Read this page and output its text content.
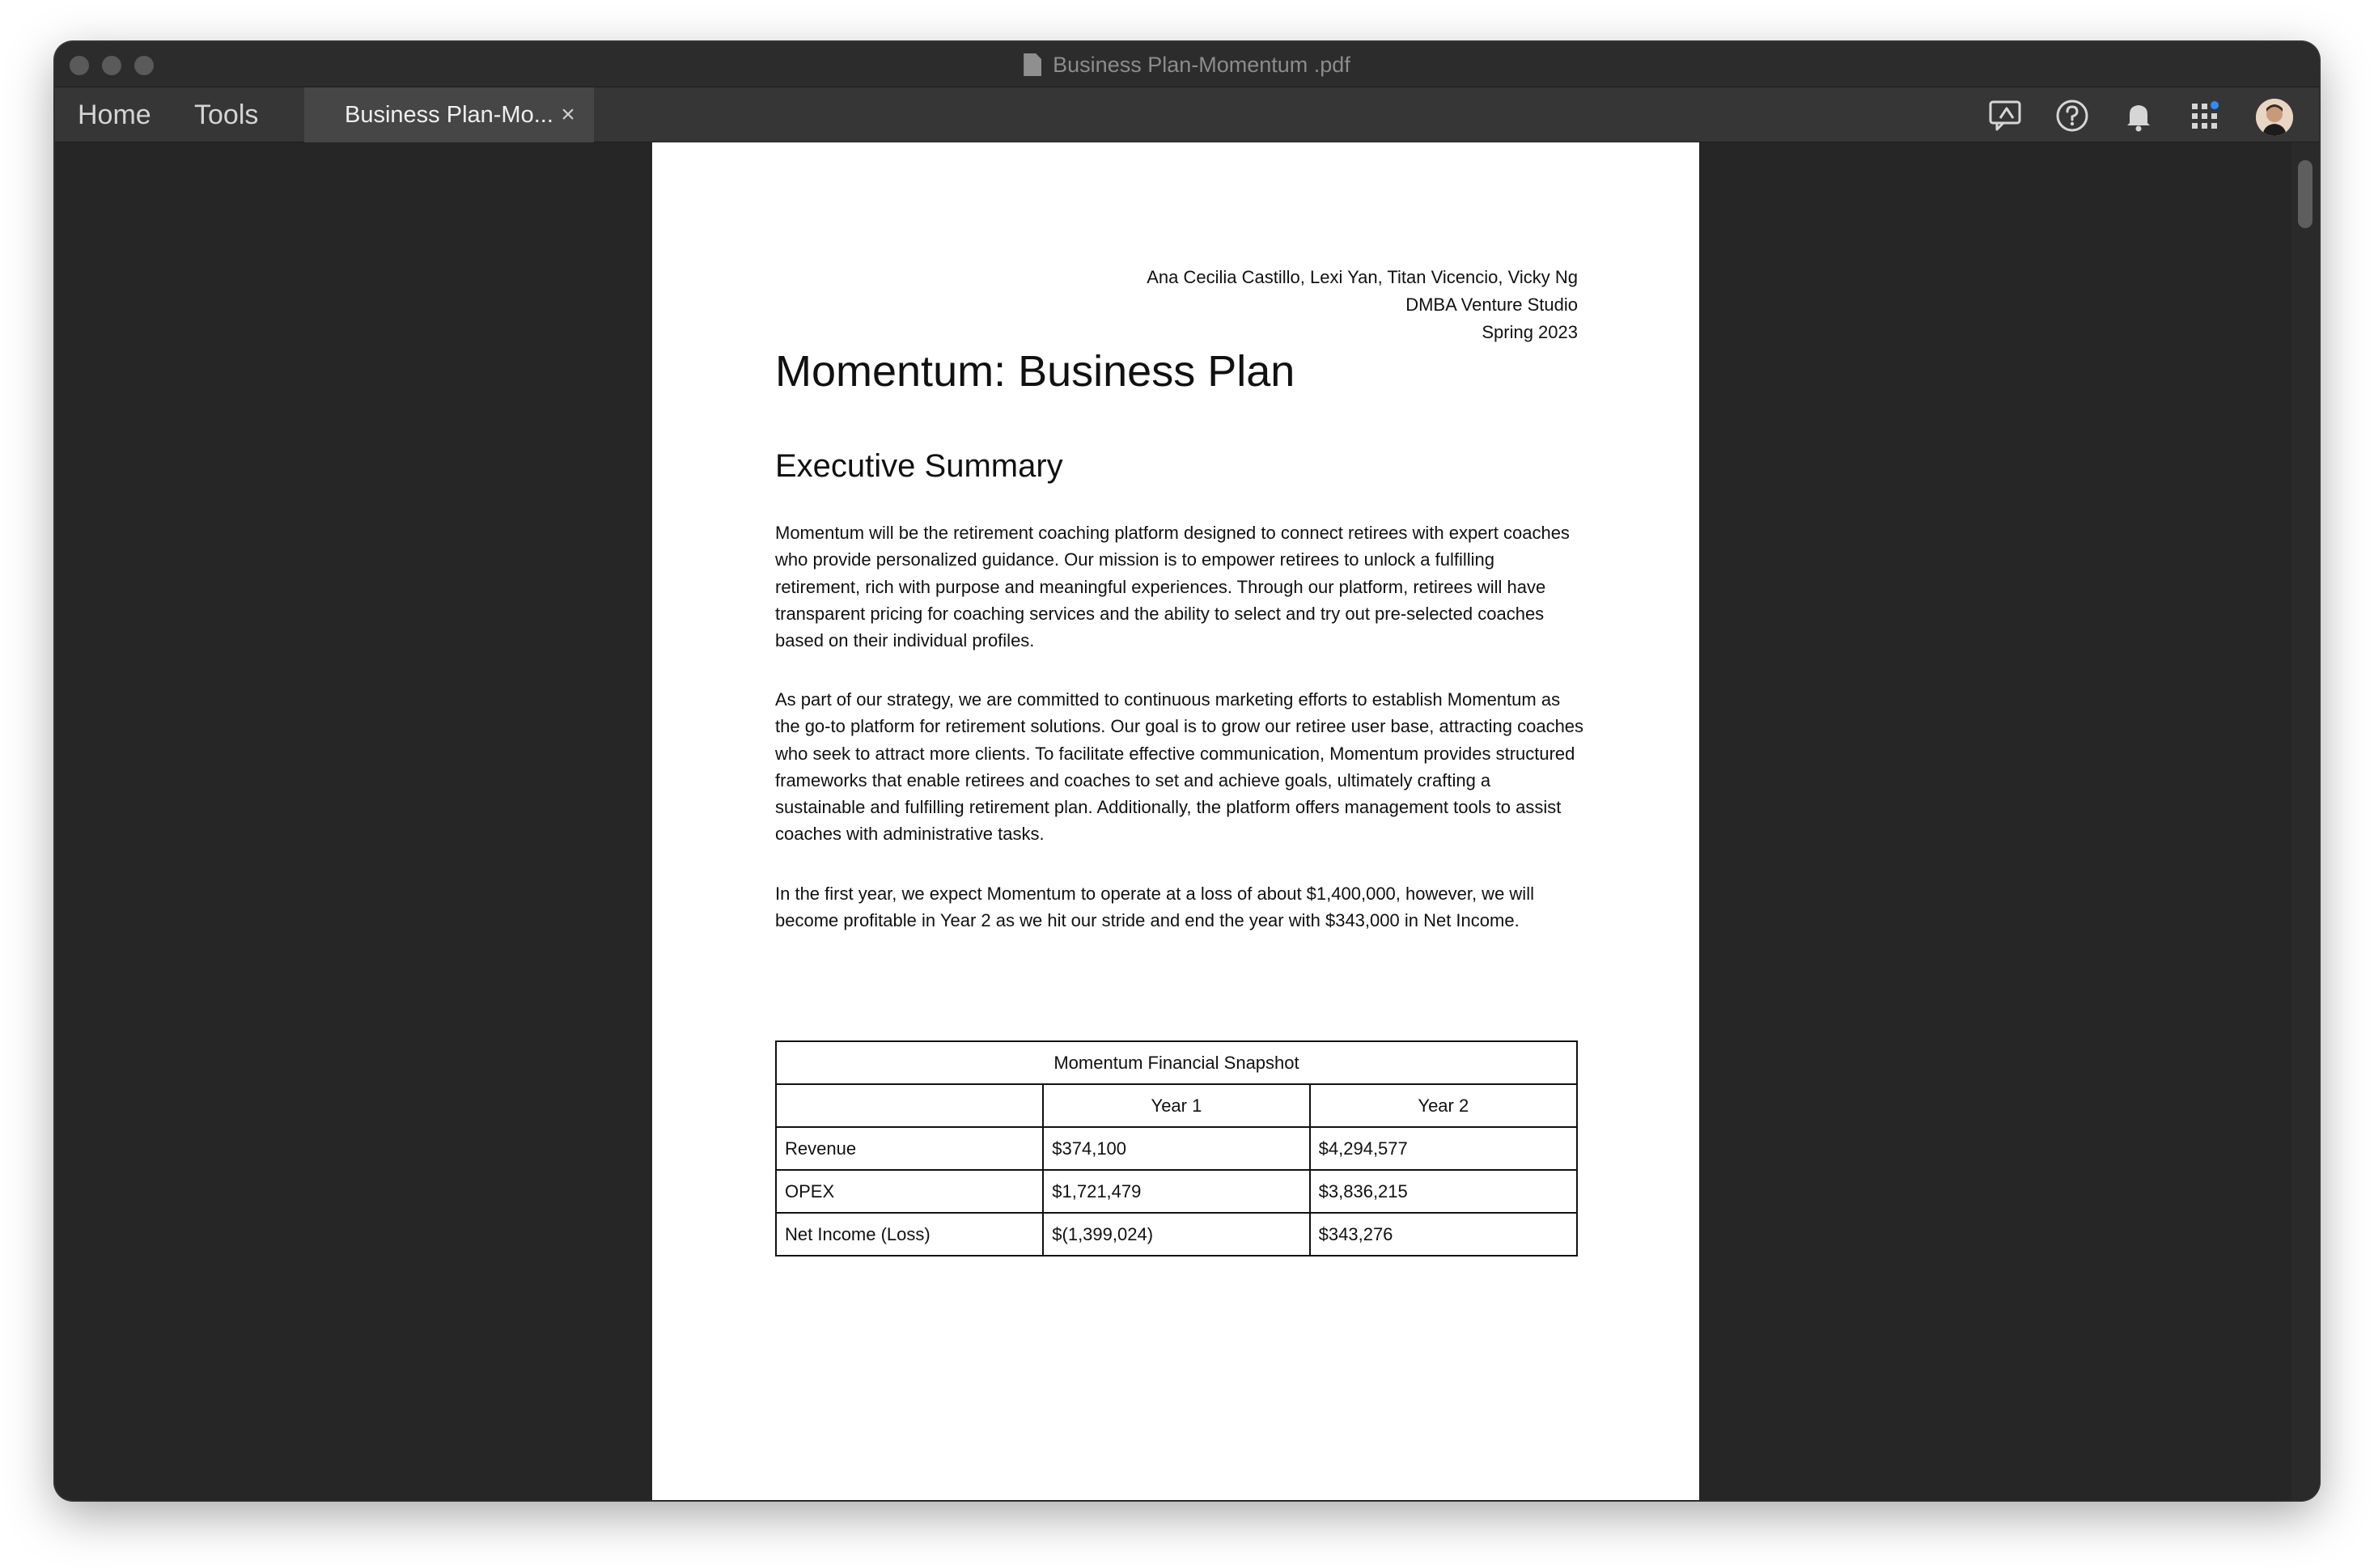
Business Plan-Momentum .pdf
Home Tools	Business Plan-Mo... ×
Ana Cecilia Castillo, Lexi Yan, Titan Vicencio, Vicky Ng
DMBA Venture Studio
Spring 2023
Momentum: Business Plan
Executive Summary

Momentum will be the retirement coaching platform designed to connect retirees with expert coaches who provide personalized guidance. Our mission is to empower retirees to unlock a fulfilling retirement, rich with purpose and meaningful experiences. Through our platform, retirees will have transparent pricing for coaching services and the ability to select and try out pre-selected coaches based on their individual profiles.

As part of our strategy, we are committed to continuous marketing efforts to establish Momentum as the go-to platform for retirement solutions. Our goal is to grow our retiree user base, attracting coaches who seek to attract more clients. To facilitate effective communication, Momentum provides structured frameworks that enable retirees and coaches to set and achieve goals, ultimately crafting a sustainable and fulfilling retirement plan. Additionally, the platform offers management tools to assist coaches with administrative tasks.

In the first year, we expect Momentum to operate at a loss of about $1,400,000, however, we will become profitable in Year 2 as we hit our stride and end the year with $343,000 in Net Income.

Momentum Financial Snapshot		
	Year 1	Year 2
Revenue	$374,100	$4,294,577
OPEX	$1,721,479	$3,836,215
Net Income (Loss)	$(1,399,024)	$343,276
